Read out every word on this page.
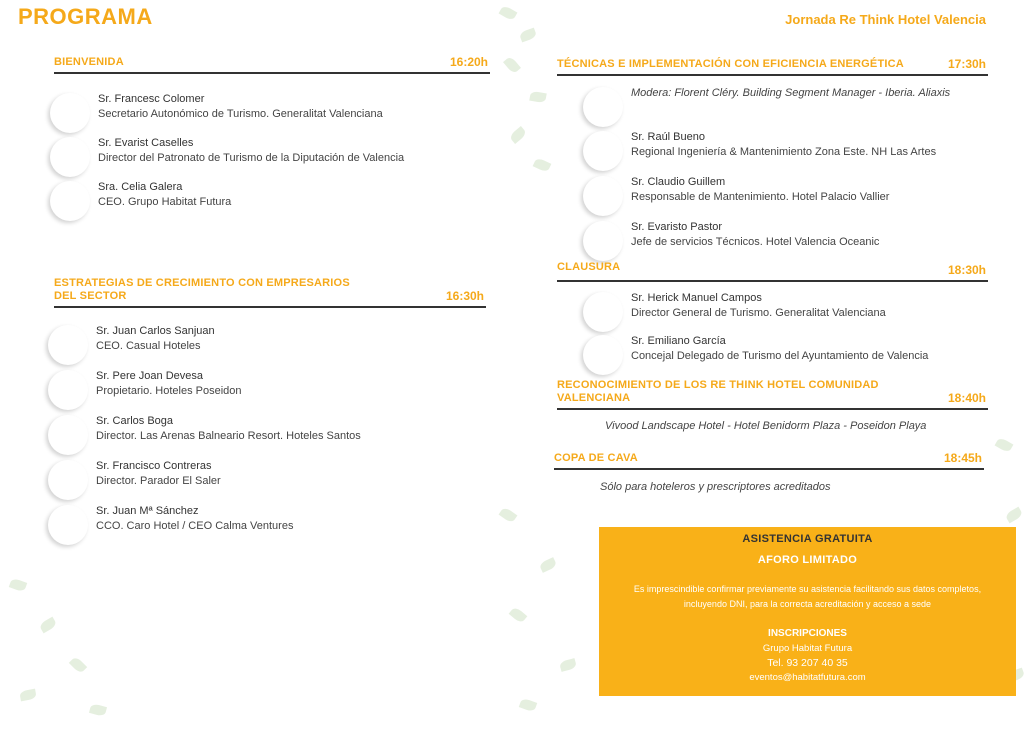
PROGRAMA	Jornada Re Think Hotel Valencia
BIENVENIDA	16:20h
Sr. Francesc Colomer
Secretario Autonómico de Turismo. Generalitat Valenciana
Sr. Evarist Caselles
Director del Patronato de Turismo de la Diputación de Valencia
Sra. Celia Galera
CEO. Grupo Habitat Futura
ESTRATEGIAS DE CRECIMIENTO CON EMPRESARIOS
DEL SECTOR	16:30h
Sr. Juan Carlos Sanjuan
CEO. Casual Hoteles
Sr. Pere Joan Devesa
Propietario. Hoteles Poseidon
Sr. Carlos Boga
Director. Las Arenas Balneario Resort. Hoteles Santos
Sr. Francisco Contreras
Director. Parador El Saler
Sr. Juan Mª Sánchez
CCO. Caro Hotel / CEO Calma Ventures
TÉCNICAS E IMPLEMENTACIÓN CON EFICIENCIA ENERGÉTICA	17:30h
Modera: Florent Cléry. Building Segment Manager - Iberia. Aliaxis
Sr. Raúl Bueno
Regional Ingeniería & Mantenimiento Zona Este. NH Las Artes
Sr. Claudio Guillem
Responsable de Mantenimiento. Hotel Palacio Vallier
Sr. Evaristo Pastor
Jefe de servicios Técnicos. Hotel Valencia Oceanic
CLAUSURA	18:30h
Sr. Herick Manuel Campos
Director General de Turismo. Generalitat Valenciana
Sr. Emiliano García
Concejal Delegado de Turismo del Ayuntamiento de Valencia
RECONOCIMIENTO DE LOS RE THINK HOTEL COMUNIDAD
VALENCIANA	18:40h
Vivood Landscape Hotel - Hotel Benidorm Plaza - Poseidon Playa
COPA DE CAVA	18:45h
Sólo para hoteleros y prescriptores acreditados
ASISTENCIA GRATUITA
AFORO LIMITADO
Es imprescindible confirmar previamente su asistencia facilitando sus datos completos, incluyendo DNI, para la correcta acreditación y acceso a sede
INSCRIPCIONES
Grupo Habitat Futura
Tel. 93 207 40 35
eventos@habitatfutura.com
